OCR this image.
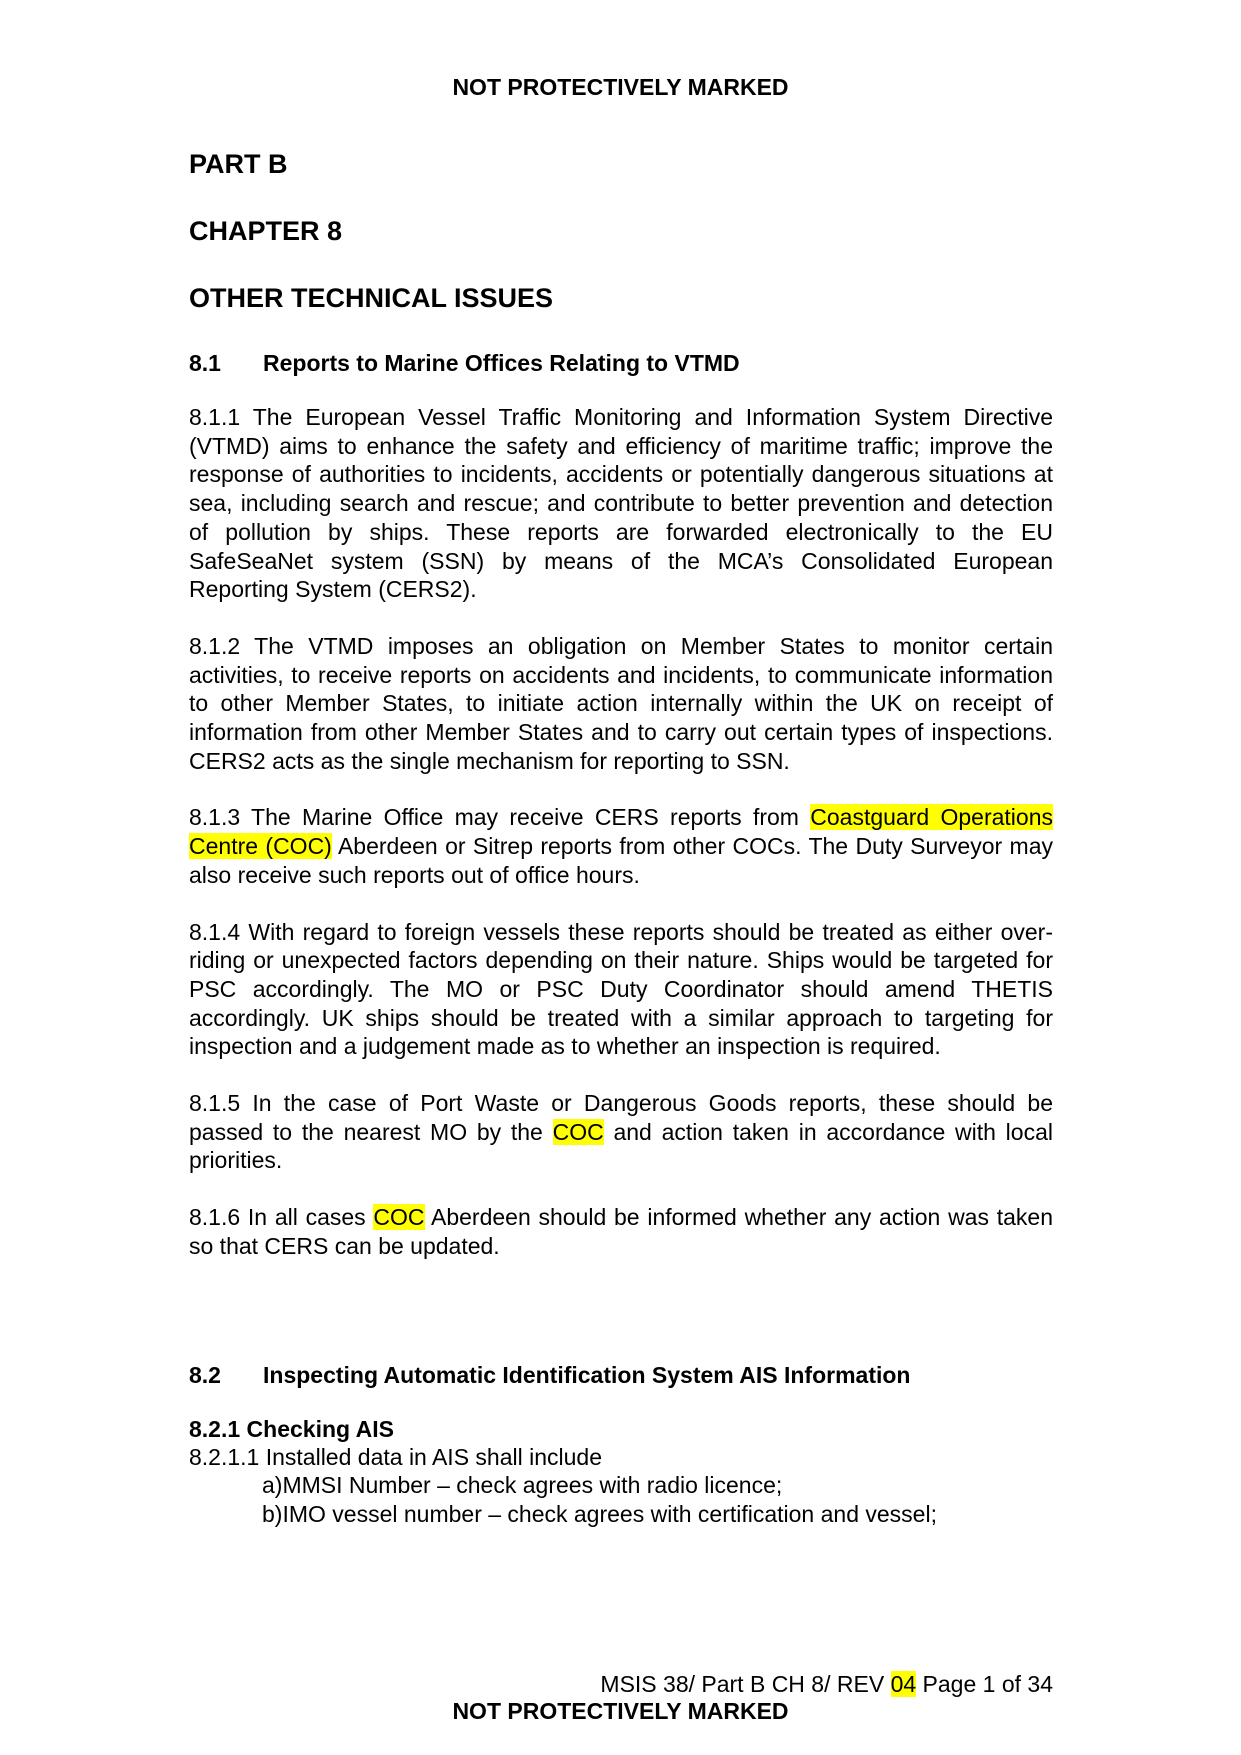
NOT PROTECTIVELY MARKED
PART B
CHAPTER 8
OTHER TECHNICAL ISSUES
8.1	Reports to Marine Offices Relating to VTMD

8.1.1 The European Vessel Traffic Monitoring and Information System Directive (VTMD) aims to enhance the safety and efficiency of maritime traffic; improve the response of authorities to incidents, accidents or potentially dangerous situations at sea, including search and rescue; and contribute to better prevention and detection of pollution by ships. These reports are forwarded electronically to the EU SafeSeaNet system (SSN) by means of the MCA’s Consolidated European Reporting System (CERS2).

8.1.2 The VTMD imposes an obligation on Member States to monitor certain activities, to receive reports on accidents and incidents, to communicate information to other Member States, to initiate action internally within the UK on receipt of information from other Member States and to carry out certain types of inspections. CERS2 acts as the single mechanism for reporting to SSN.

8.1.3 The Marine Office may receive CERS reports from Coastguard Operations Centre (COC) Aberdeen or Sitrep reports from other COCs. The Duty Surveyor may also receive such reports out of office hours.

8.1.4 With regard to foreign vessels these reports should be treated as either over-riding or unexpected factors depending on their nature. Ships would be targeted for PSC accordingly. The MO or PSC Duty Coordinator should amend THETIS accordingly. UK ships should be treated with a similar approach to targeting for inspection and a judgement made as to whether an inspection is required.

8.1.5 In the case of Port Waste or Dangerous Goods reports, these should be passed to the nearest MO by the COC and action taken in accordance with local priorities.

8.1.6 In all cases COC Aberdeen should be informed whether any action was taken so that CERS can be updated.

8.2	Inspecting Automatic Identification System AIS Information
8.2.1 Checking AIS
8.2.1.1 Installed data in AIS shall include
a)MMSI Number – check agrees with radio licence;
b)IMO vessel number – check agrees with certification and vessel;
MSIS 38/ Part B CH 8/ REV 04 Page 1 of 34
NOT PROTECTIVELY MARKED
